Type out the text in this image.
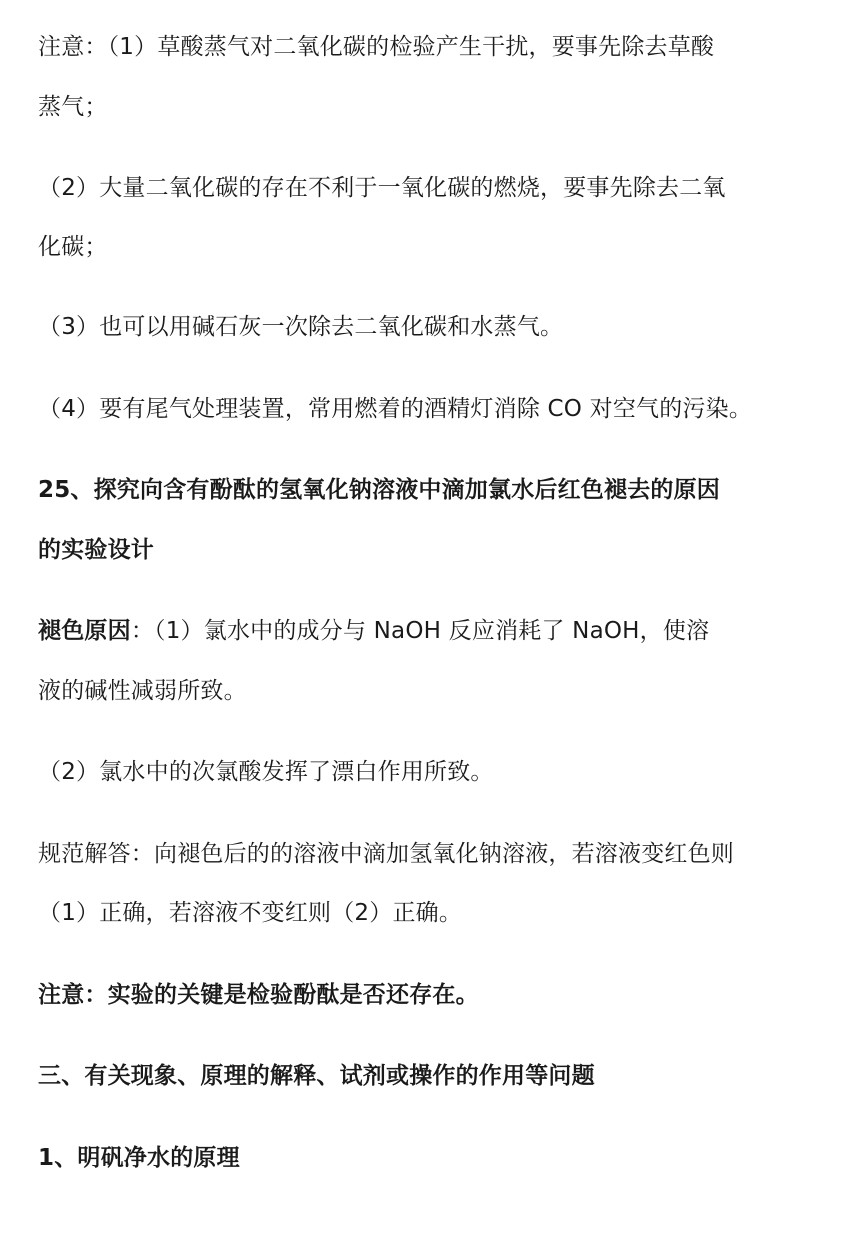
注意：（1）草酸蒸气对二氧化碳的检验产生干扰，要事先除去草酸
蒸气；
（2）大量二氧化碳的存在不利于一氧化碳的燃烧，要事先除去二氧
化碳；
（3）也可以用碱石灰一次除去二氧化碳和水蒸气。
（4）要有尾气处理装置，常用燃着的酒精灯消除 CO 对空气的污染。
25、探究向含有酚酞的氢氧化钠溶液中滴加氯水后红色褪去的原因
的实验设计
褪色原因：（1）氯水中的成分与 NaOH 反应消耗了 NaOH，使溶
液的碱性减弱所致。
（2）氯水中的次氯酸发挥了漂白作用所致。
规范解答：向褪色后的的溶液中滴加氢氧化钠溶液，若溶液变红色则
（1）正确，若溶液不变红则（2）正确。
注意：实验的关键是检验酚酞是否还存在。
三、有关现象、原理的解释、试剂或操作的作用等问题
1、明矾净水的原理
